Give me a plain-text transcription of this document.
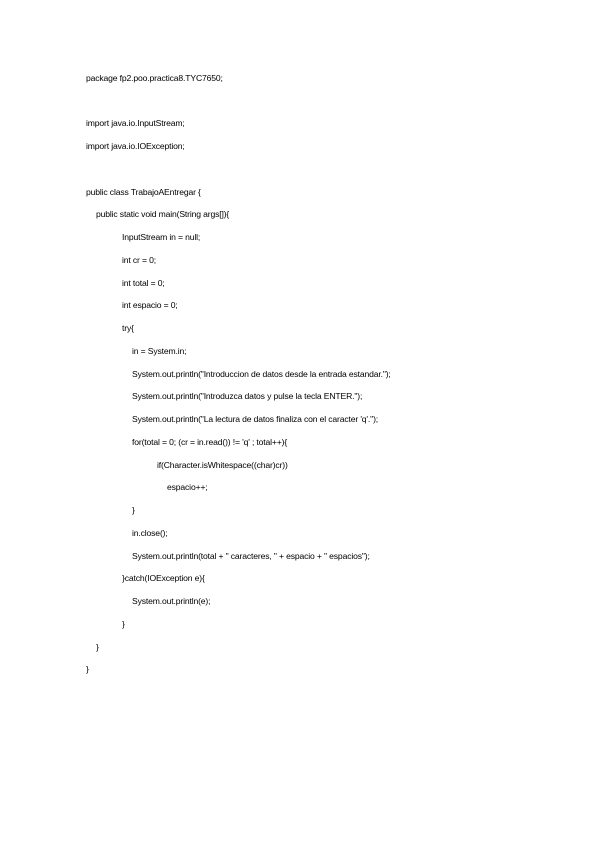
package fp2.poo.practica8.TYC7650;
import java.io.InputStream;
import java.io.IOException;
public class TrabajoAEntregar {
public static void main(String args[]){
InputStream in = null;
int cr = 0;
int total = 0;
int espacio = 0;
try{
in = System.in;
System.out.println("Introduccion de datos desde la entrada estandar.");
System.out.println("Introduzca datos y pulse la tecla ENTER.");
System.out.println("La lectura de datos finaliza con el caracter 'q'.");
for(total = 0; (cr = in.read()) != 'q' ; total++){
if(Character.isWhitespace((char)cr))
espacio++;
}
in.close();
System.out.println(total + " caracteres, " + espacio + " espacios");
}catch(IOException e){
System.out.println(e);
}
}
}
